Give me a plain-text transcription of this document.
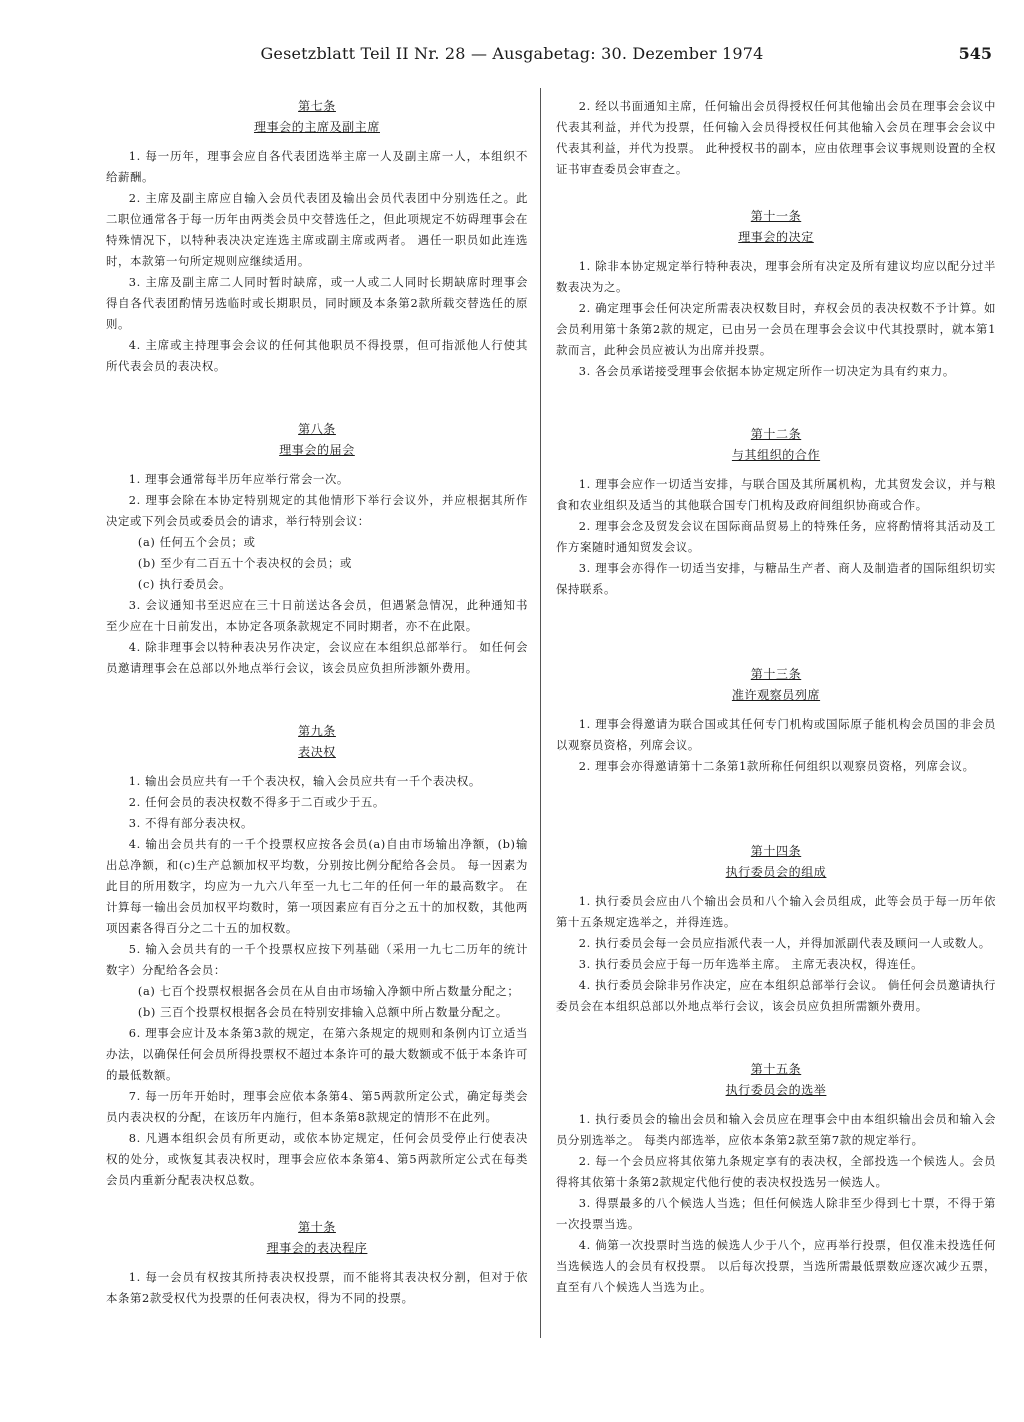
Gesetzblatt Teil II Nr. 28 — Ausgabetag: 30. Dezember 1974	545
第七条
理事会的主席及副主席

1. 每一历年，理事会应自各代表团选举主席一人及副主席一人，本组织不给薪酬。

2. 主席及副主席应自输入会员代表团及输出会员代表团中分别选任之。此二职位通常各于每一历年由两类会员中交替选任之，但此项规定不妨碍理事会在特殊情况下，以特种表决决定连选主席或副主席或两者。 遇任一职员如此连选时，本款第一句所定规则应继续适用。

3. 主席及副主席二人同时暂时缺席，或一人或二人同时长期缺席时理事会得自各代表团酌情另选临时或长期职员，同时顾及本条第2款所载交替选任的原则。

4. 主席或主持理事会会议的任何其他职员不得投票，但可指派他人行使其所代表会员的表决权。

第八条
理事会的届会

1. 理事会通常每半历年应举行常会一次。

2. 理事会除在本协定特别规定的其他情形下举行会议外，并应根据其所作决定或下列会员或委员会的请求，举行特别会议：

(a) 任何五个会员；或

(b) 至少有二百五十个表决权的会员；或

(c) 执行委员会。

3. 会议通知书至迟应在三十日前送达各会员，但遇紧急情况，此种通知书至少应在十日前发出，本协定各项条款规定不同时期者，亦不在此限。

4. 除非理事会以特种表决另作决定，会议应在本组织总部举行。 如任何会员邀请理事会在总部以外地点举行会议，该会员应负担所涉额外费用。

第九条
表决权

1. 输出会员应共有一千个表决权，输入会员应共有一千个表决权。

2. 任何会员的表决权数不得多于二百或少于五。

3. 不得有部分表决权。

4. 输出会员共有的一千个投票权应按各会员(a)自由市场输出净额，(b)输出总净额，和(c)生产总额加权平均数，分别按比例分配给各会员。 每一因素为此目的所用数字，均应为一九六八年至一九七二年的任何一年的最高数字。 在计算每一输出会员加权平均数时，第一项因素应有百分之五十的加权数，其他两项因素各得百分之二十五的加权数。

5. 输入会员共有的一千个投票权应按下列基础（采用一九七二历年的统计数字）分配给各会员：

(a) 七百个投票权根据各会员在从自由市场输入净额中所占数量分配之；

(b) 三百个投票权根据各会员在特别安排输入总额中所占数量分配之。

6. 理事会应计及本条第3款的规定，在第六条规定的规则和条例内订立适当办法，以确保任何会员所得投票权不超过本条许可的最大数额或不低于本条许可的最低数额。

7. 每一历年开始时，理事会应依本条第4、第5两款所定公式，确定每类会员内表决权的分配，在该历年内施行，但本条第8款规定的情形不在此列。

8. 凡遇本组织会员有所更动，或依本协定规定，任何会员受停止行使表决权的处分，或恢复其表决权时，理事会应依本条第4、第5两款所定公式在每类会员内重新分配表决权总数。

第十条
理事会的表决程序

1. 每一会员有权按其所持表决权投票，而不能将其表决权分割，但对于依本条第2款受权代为投票的任何表决权，得为不同的投票。

2. 经以书面通知主席，任何输出会员得授权任何其他输出会员在理事会会议中代表其利益，并代为投票，任何输入会员得授权任何其他输入会员在理事会会议中代表其利益，并代为投票。 此种授权书的副本，应由依理事会议事规则设置的全权证书审查委员会审查之。

第十一条
理事会的决定

1. 除非本协定规定举行特种表决，理事会所有决定及所有建议均应以配分过半数表决为之。

2. 确定理事会任何决定所需表决权数目时，弃权会员的表决权数不予计算。如会员利用第十条第2款的规定，已由另一会员在理事会会议中代其投票时，就本第1款而言，此种会员应被认为出席并投票。

3. 各会员承诺接受理事会依据本协定规定所作一切决定为具有约束力。

第十二条
与其组织的合作

1. 理事会应作一切适当安排，与联合国及其所属机构，尤其贸发会议，并与粮食和农业组织及适当的其他联合国专门机构及政府间组织协商或合作。

2. 理事会念及贸发会议在国际商品贸易上的特殊任务，应将酌情将其活动及工作方案随时通知贸发会议。

3. 理事会亦得作一切适当安排，与糖品生产者、商人及制造者的国际组织切实保持联系。

第十三条
准许观察员列席

1. 理事会得邀请为联合国或其任何专门机构或国际原子能机构会员国的非会员以观察员资格，列席会议。

2. 理事会亦得邀请第十二条第1款所称任何组织以观察员资格，列席会议。

第十四条
执行委员会的组成

1. 执行委员会应由八个输出会员和八个输入会员组成，此等会员于每一历年依第十五条规定选举之，并得连选。

2. 执行委员会每一会员应指派代表一人，并得加派副代表及顾问一人或数人。

3. 执行委员会应于每一历年选举主席。 主席无表决权，得连任。

4. 执行委员会除非另作决定，应在本组织总部举行会议。 倘任何会员邀请执行委员会在本组织总部以外地点举行会议，该会员应负担所需额外费用。

第十五条
执行委员会的选举

1. 执行委员会的输出会员和输入会员应在理事会中由本组织输出会员和输入会员分别选举之。 每类内部选举，应依本条第2款至第7款的规定举行。

2. 每一个会员应将其依第九条规定享有的表决权，全部投选一个候选人。会员得将其依第十条第2款规定代他行使的表决权投选另一候选人。

3. 得票最多的八个候选人当选；但任何候选人除非至少得到七十票，不得于第一次投票当选。

4. 倘第一次投票时当选的候选人少于八个，应再举行投票，但仅准未投选任何当选候选人的会员有权投票。 以后每次投票，当选所需最低票数应逐次减少五票，直至有八个候选人当选为止。
